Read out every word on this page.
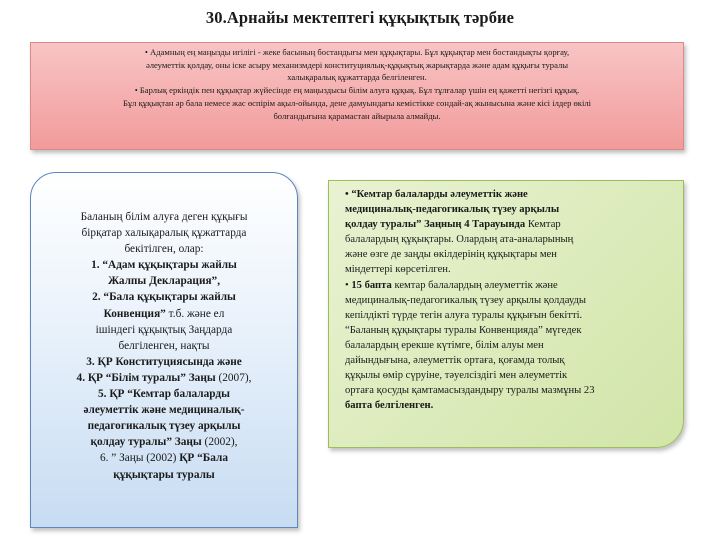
30.Арнайы мектептегі құқықтық тәрбие

• Адамның ең маңызды игілігі - жеке басының бостандығы мен құқықтары. Бұл құқықтар мен бостандықты қорғау,

әлеуметтік қолдау, оны іске асыру механизмдері конституциялық-құқықтық жарықтарда және адам құқығы туралы

халықаралық құжаттарда белгіленген.

• Барлық еркіндік пен құқықтар жүйесінде ең маңыздысы білім алуға құқық. Бұл тұлғалар үшін ең қажетті негізгі құқық.

Бұл құқықтан әр бала немесе жас өспірім ақыл-ойында, дене дамуындағы кемістікке сондай-ақ жынысына және кісі ілдер өкілі

болғандығына қарамастан айырыла алмайды.

Баланың білім алуға деген құқығы

бірқатар халықаралық құжаттарда

бекітілген, олар:

1. “Адам құқықтары жайлы

Жалпы Декларация”,

2. “Бала құқықтары жайлы

Конвенция” т.б. және ел

ішіндегі құқықтық Заңдарда

белгіленген, нақты

3. ҚР Конституциясында және

4. ҚР “Білім туралы” Заңы (2007),

5. ҚР “Кемтар балаларды

әлеуметтік және медициналық-

педагогикалық түзеу арқылы

қолдау туралы” Заңы (2002),

6. ” Заңы (2002) ҚР “Бала

құқықтары туралы

• “Кемтар балаларды әлеуметтік және

медициналық-педагогикалық түзеу арқылы

қолдау туралы” Заңның 4 Тарауында Кемтар

балалардың құқықтары. Олардың ата-аналарының

және өзге де заңды өкілдерінің құқықтары мен

міндеттері көрсетілген.

• 15 бапта кемтар балалардың әлеуметтік және

медициналық-педагогикалық түзеу арқылы қолдауды

кепілдікті түрде тегін алуға туралы құқығын бекітті.

“Баланың құқықтары туралы Конвенцияда” мүгедек

балалардың ерекше күтімге, білім алуы мен

дайындығына, әлеуметтік ортаға, қоғамда толық

құқылы өмір сүруіне, тәуелсіздігі мен әлеуметтік

ортаға қосуды қамтамасыздандыру туралы мазмұны 23

бапта белгіленген.
